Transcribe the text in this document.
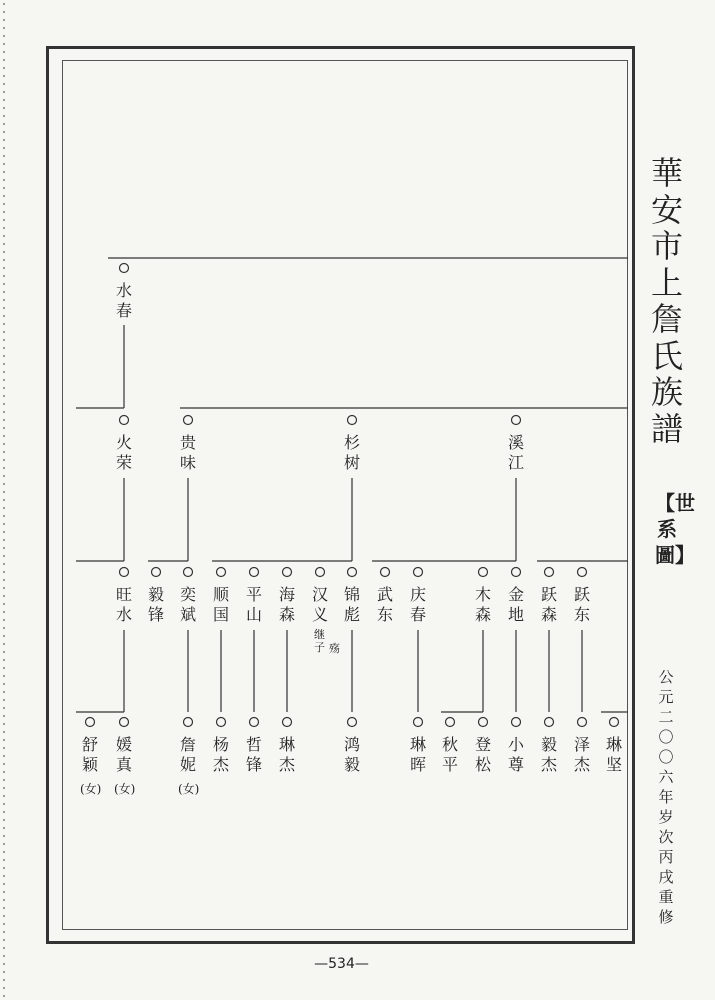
水春
火荣
贵味
杉树
溪江
旺水
毅锋
奕斌
顺国
平山
海森
汉义
继子 殇
锦彪
武东
庆春
木森
金地
跃森
跃东
舒颖
(女)
媛真
(女)
詹妮
(女)
杨杰
哲锋
琳杰
鸿毅
琳晖
秋平
登松
小尊
毅杰
泽杰
琳坚
華安市上詹氏族譜
【世系圖】
公元二〇〇六年岁次丙戌重修
—534—
